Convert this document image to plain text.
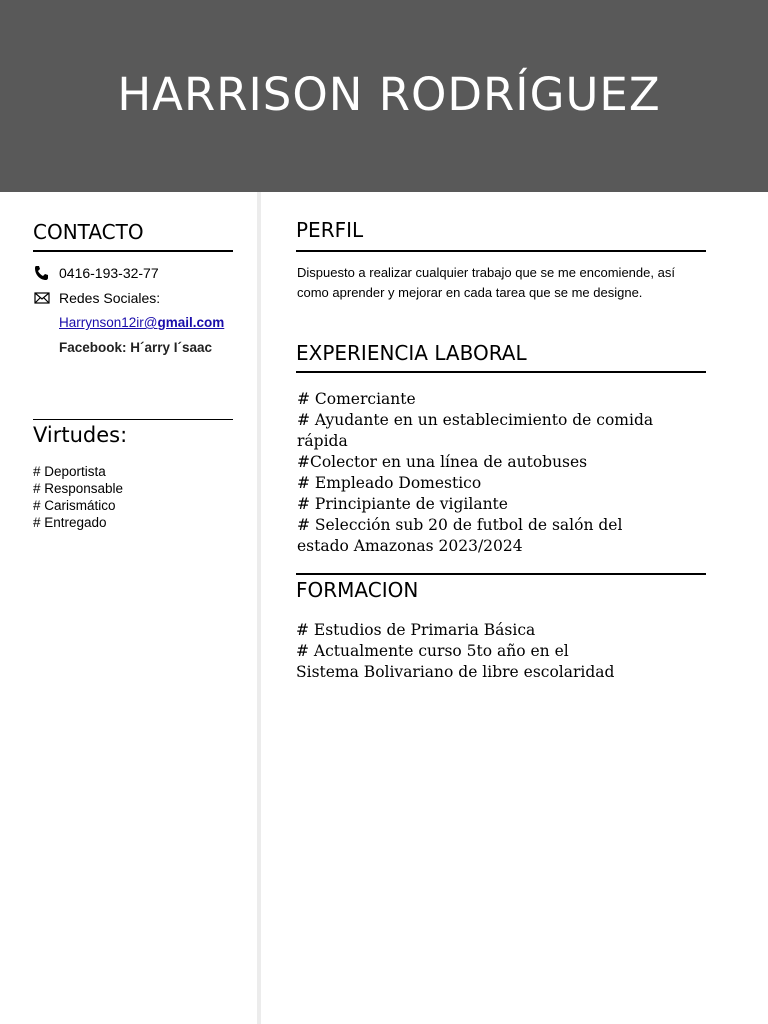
HARRISON RODRÍGUEZ
CONTACTO
0416-193-32-77
Redes Sociales:
Harrynson12ir@gmail.com
Facebook: H´arry I´saac
Virtudes:
# Deportista
# Responsable
# Carismático
# Entregado
PERFIL

Dispuesto a realizar cualquier trabajo que se me encomiende, así como aprender y mejorar en cada tarea que se me designe.

EXPERIENCIA LABORAL
# Comerciante
# Ayudante en un establecimiento de comida rápida
#Colector en una línea de autobuses
# Empleado Domestico
# Principiante de vigilante
# Selección sub 20 de futbol de salón del estado Amazonas 2023/2024
FORMACION
# Estudios de Primaria Básica
# Actualmente curso 5to año en el Sistema Bolivariano de libre escolaridad
